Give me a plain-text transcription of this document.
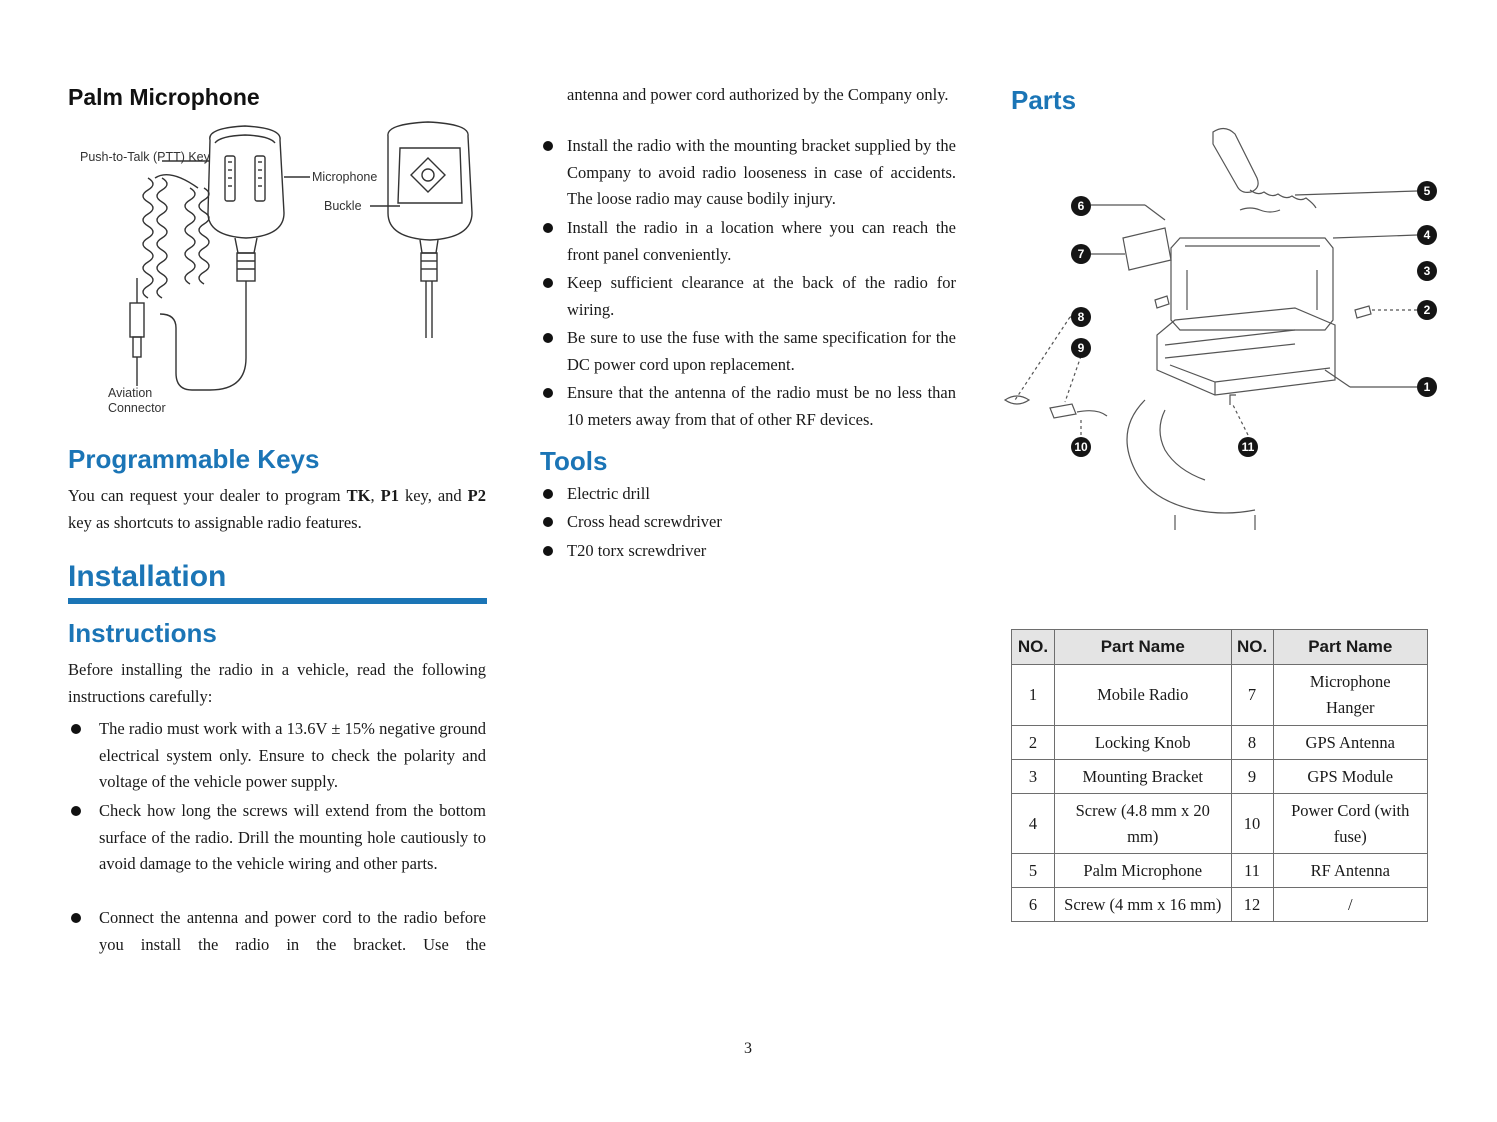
Palm Microphone
Push-to-Talk (PTT) Key
Microphone
Buckle
Aviation Connector
Programmable Keys
You can request your dealer to program TK, P1 key, and P2 key as shortcuts to assignable radio features.
Installation
Instructions
Before installing the radio in a vehicle, read the following instructions carefully:
The radio must work with a 13.6V ± 15% negative ground electrical system only. Ensure to check the polarity and voltage of the vehicle power supply.
Check how long the screws will extend from the bottom surface of the radio. Drill the mounting hole cautiously to avoid damage to the vehicle wiring and other parts.
Connect the antenna and power cord to the radio before you install the radio in the bracket. Use the
antenna and power cord authorized by the Company only.
Install the radio with the mounting bracket supplied by the Company to avoid radio looseness in case of accidents. The loose radio may cause bodily injury.
Install the radio in a location where you can reach the front panel conveniently.
Keep sufficient clearance at the back of the radio for wiring.
Be sure to use the fuse with the same specification for the DC power cord upon replacement.
Ensure that the antenna of the radio must be no less than 10 meters away from that of other RF devices.
Tools
Electric drill
Cross head screwdriver
T20 torx screwdriver
Parts
1
2
3
4
5
6
7
8
9
10	11
NO.	Part Name	NO.	Part Name
1	Mobile Radio	7	Microphone Hanger
2	Locking Knob	8	GPS Antenna
3	Mounting Bracket	9	GPS Module
4	Screw (4.8 mm x 20 mm)	10	Power Cord (with fuse)
5	Palm Microphone	11	RF Antenna
6	Screw (4 mm x 16 mm)	12	/
3
